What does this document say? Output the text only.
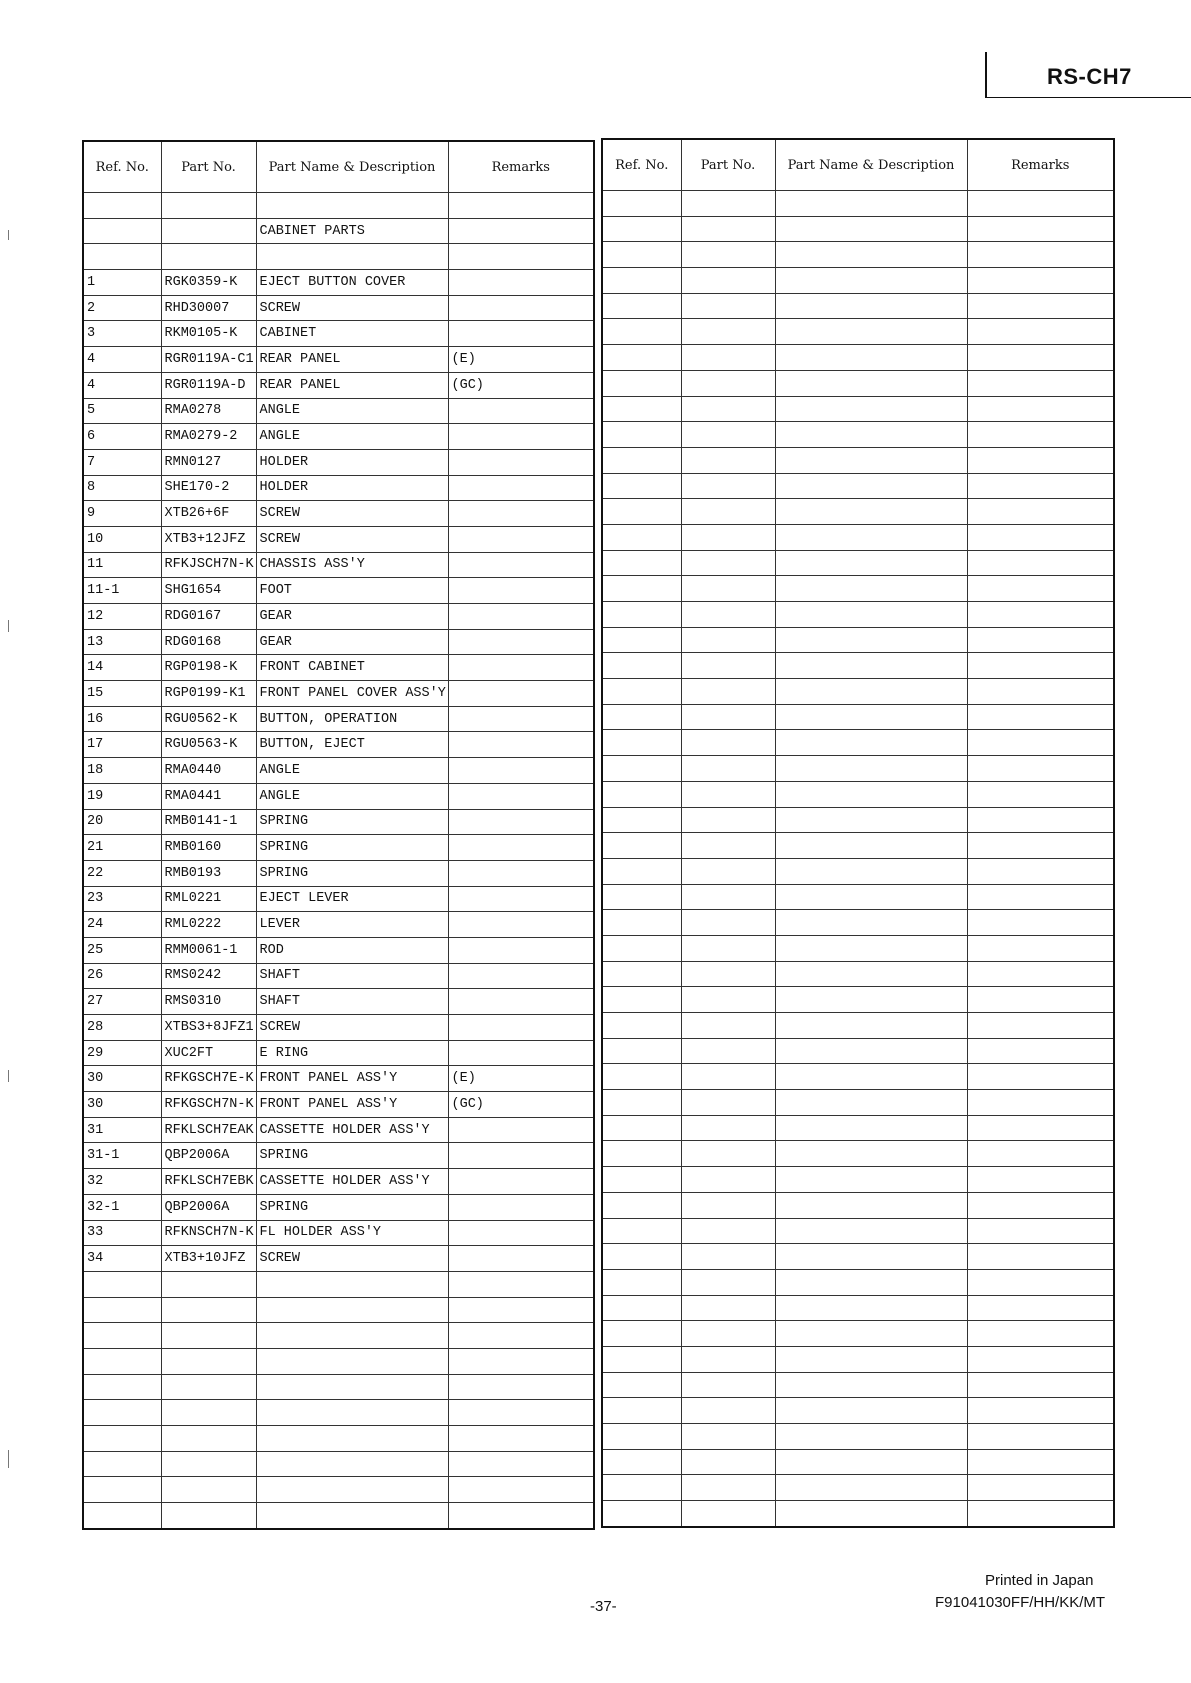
RS-CH7
Ref. No.	Part No.	Part Name & Description	Remarks

		CABINET PARTS	

1	RGK0359-K	EJECT BUTTON COVER	
2	RHD30007	SCREW	
3	RKM0105-K	CABINET	
4	RGR0119A-C1	REAR PANEL	(E)
4	RGR0119A-D	REAR PANEL	(GC)
5	RMA0278	ANGLE	
6	RMA0279-2	ANGLE	
7	RMN0127	HOLDER	
8	SHE170-2	HOLDER	
9	XTB26+6F	SCREW	
10	XTB3+12JFZ	SCREW	
11	RFKJSCH7N-K	CHASSIS ASS'Y	
11-1	SHG1654	FOOT	
12	RDG0167	GEAR	
13	RDG0168	GEAR	
14	RGP0198-K	FRONT CABINET	
15	RGP0199-K1	FRONT PANEL COVER ASS'Y	
16	RGU0562-K	BUTTON, OPERATION	
17	RGU0563-K	BUTTON, EJECT	
18	RMA0440	ANGLE	
19	RMA0441	ANGLE	
20	RMB0141-1	SPRING	
21	RMB0160	SPRING	
22	RMB0193	SPRING	
23	RML0221	EJECT LEVER	
24	RML0222	LEVER	
25	RMM0061-1	ROD	
26	RMS0242	SHAFT	
27	RMS0310	SHAFT	
28	XTBS3+8JFZ1	SCREW	
29	XUC2FT	E RING	
30	RFKGSCH7E-K	FRONT PANEL ASS'Y	(E)
30	RFKGSCH7N-K	FRONT PANEL ASS'Y	(GC)
31	RFKLSCH7EAK	CASSETTE HOLDER ASS'Y	
31-1	QBP2006A	SPRING	
32	RFKLSCH7EBK	CASSETTE HOLDER ASS'Y	
32-1	QBP2006A	SPRING	
33	RFKNSCH7N-K	FL HOLDER ASS'Y	
34	XTB3+10JFZ	SCREW	

Ref. No.	Part No.	Part Name & Description	Remarks

Printed in Japan
-37-	F91041030FF/HH/KK/MT
